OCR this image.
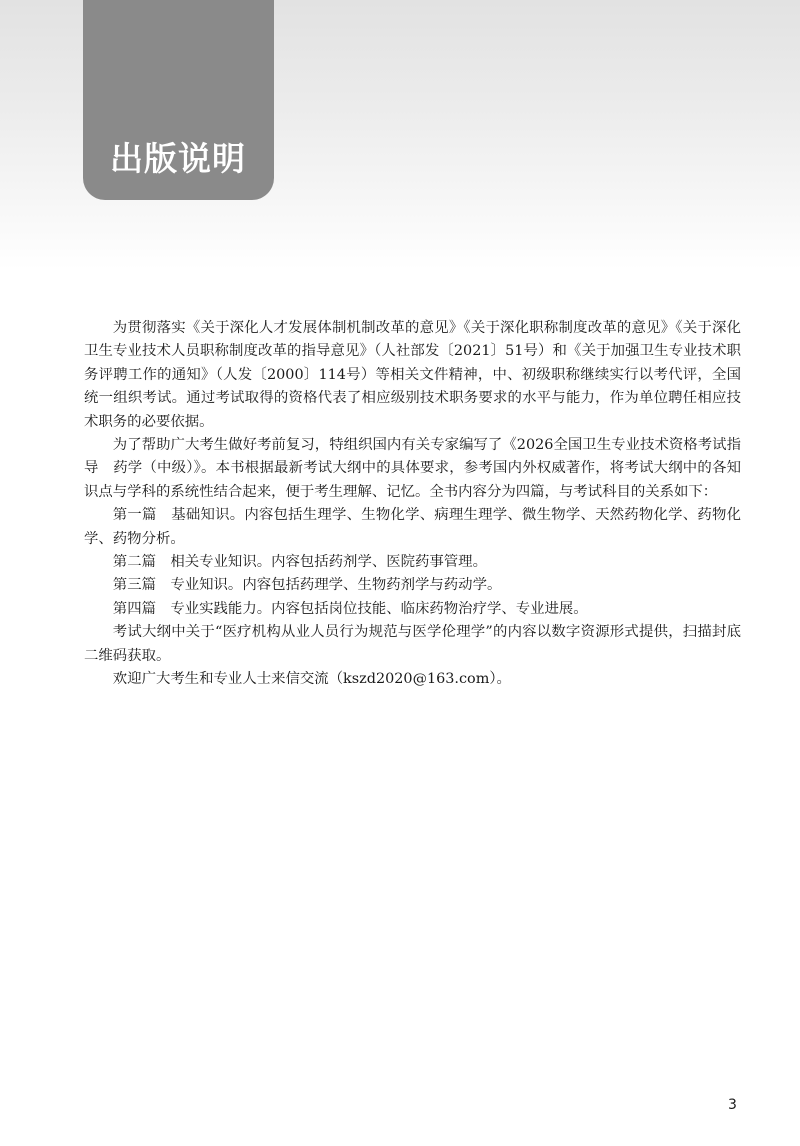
出版说明

为贯彻落实《关于深化人才发展体制机制改革的意见》《关于深化职称制度改革的意见》《关于深化卫生专业技术人员职称制度改革的指导意见》（人社部发〔2021〕51号）和《关于加强卫生专业技术职务评聘工作的通知》（人发〔2000〕114号）等相关文件精神，中、初级职称继续实行以考代评，全国统一组织考试。通过考试取得的资格代表了相应级别技术职务要求的水平与能力，作为单位聘任相应技术职务的必要依据。

为了帮助广大考生做好考前复习，特组织国内有关专家编写了《2026全国卫生专业技术资格考试指导　药学（中级）》。本书根据最新考试大纲中的具体要求，参考国内外权威著作，将考试大纲中的各知识点与学科的系统性结合起来，便于考生理解、记忆。全书内容分为四篇，与考试科目的关系如下：

第一篇　基础知识。内容包括生理学、生物化学、病理生理学、微生物学、天然药物化学、药物化学、药物分析。

第二篇　相关专业知识。内容包括药剂学、医院药事管理。

第三篇　专业知识。内容包括药理学、生物药剂学与药动学。

第四篇　专业实践能力。内容包括岗位技能、临床药物治疗学、专业进展。

考试大纲中关于“医疗机构从业人员行为规范与医学伦理学”的内容以数字资源形式提供，扫描封底二维码获取。

欢迎广大考生和专业人士来信交流（kszd2020@163.com）。

3
